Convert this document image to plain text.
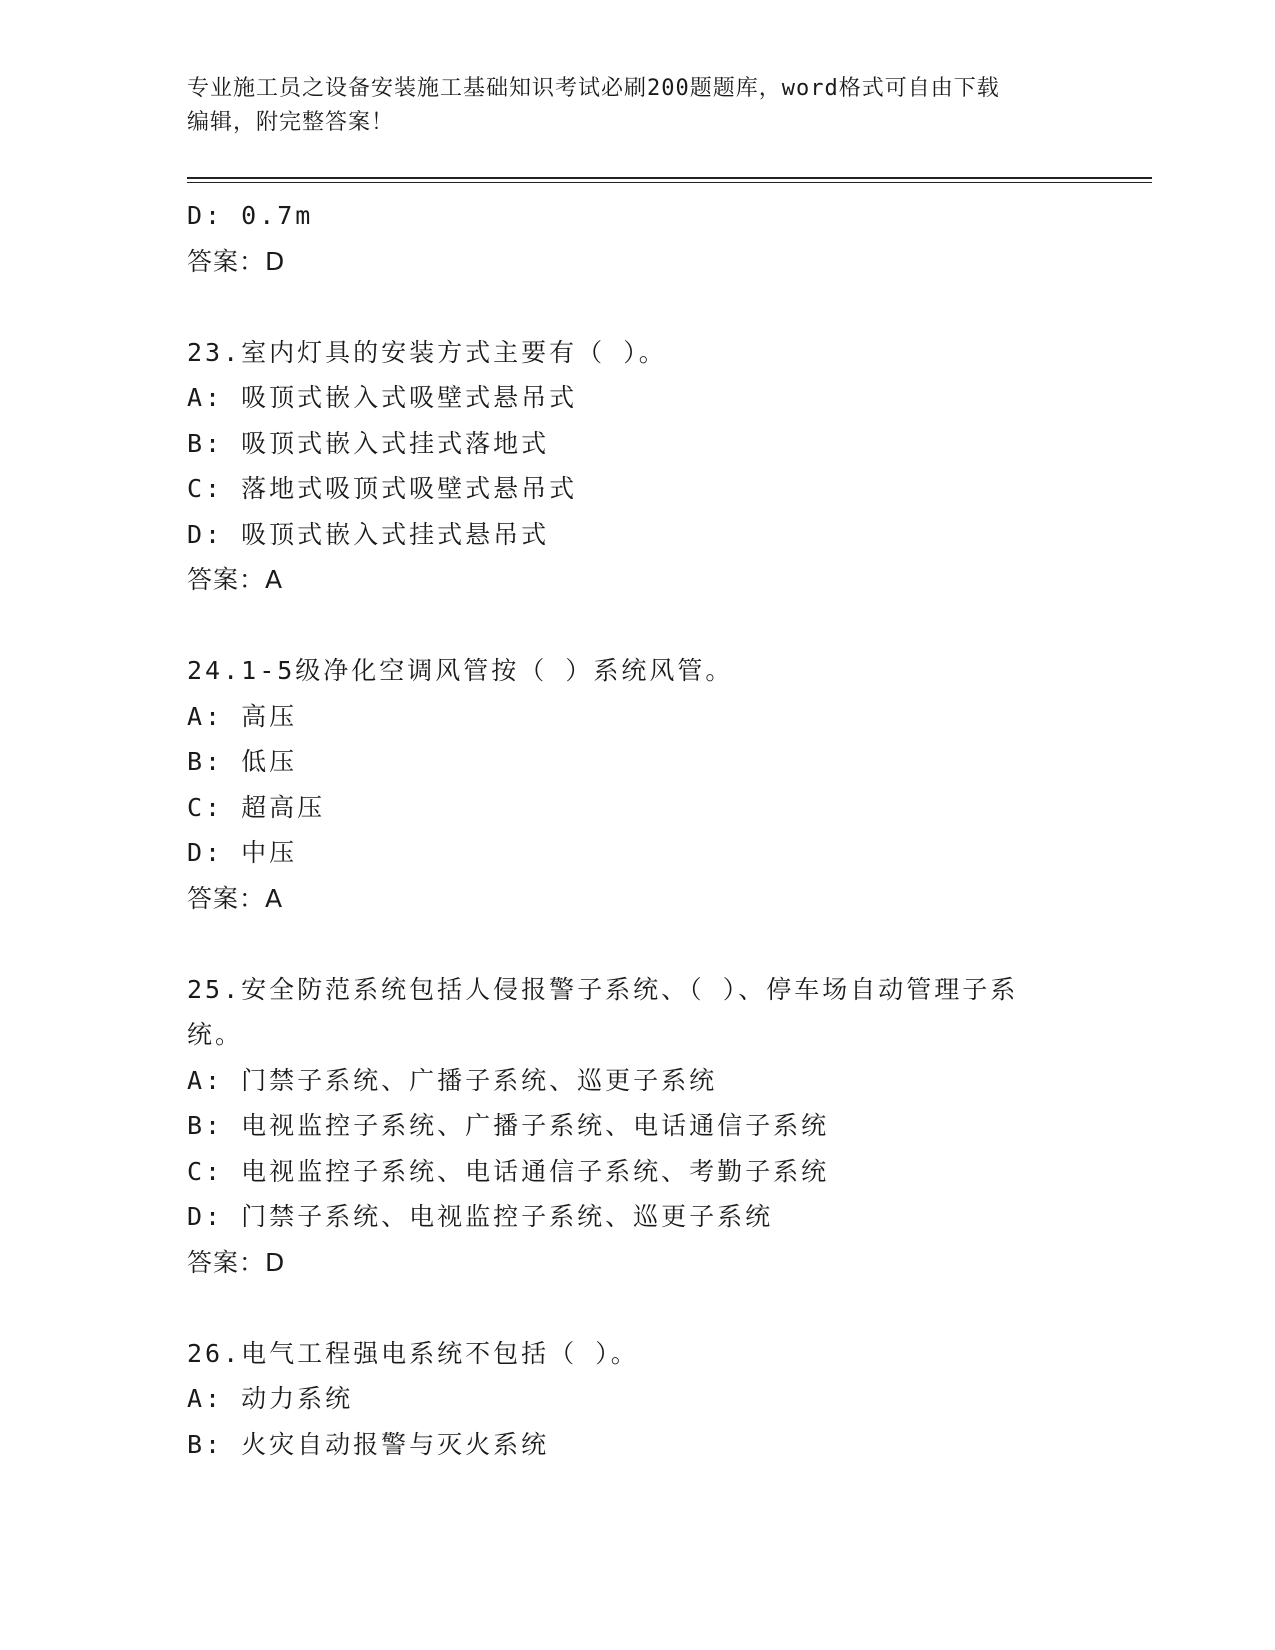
专业施工员之设备安装施工基础知识考试必刷200题题库，word格式可自由下载
编辑，附完整答案！
D: 0.7m
答案：D
23.室内灯具的安装方式主要有（ ）。
A: 吸顶式嵌入式吸壁式悬吊式
B: 吸顶式嵌入式挂式落地式
C: 落地式吸顶式吸壁式悬吊式
D: 吸顶式嵌入式挂式悬吊式
答案：A
24.1-5级净化空调风管按（ ）系统风管。
A: 高压
B: 低压
C: 超高压
D: 中压
答案：A
25.安全防范系统包括人侵报警子系统、（ ）、停车场自动管理子系
统。
A: 门禁子系统、广播子系统、巡更子系统
B: 电视监控子系统、广播子系统、电话通信子系统
C: 电视监控子系统、电话通信子系统、考勤子系统
D: 门禁子系统、电视监控子系统、巡更子系统
答案：D
26.电气工程强电系统不包括（ ）。
A: 动力系统
B: 火灾自动报警与灭火系统
